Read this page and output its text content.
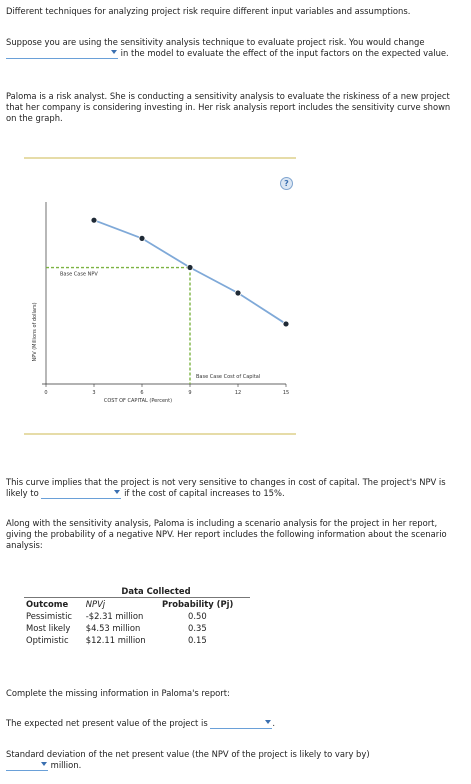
Different techniques for analyzing project risk require different input variables and assumptions.

Suppose you are using the sensitivity analysis technique to evaluate project risk. You would change
in the model to evaluate the effect of the input factors on the expected value.

Paloma is a risk analyst. She is conducting a sensitivity analysis to evaluate the riskiness of a new project that her company is considering investing in. Her risk analysis report includes the sensitivity curve shown on the graph.

?
NPV (Millions of dollars)
0	3	6	9	12	15
COST OF CAPITAL (Percent)
Base Case NPV
Base Case Cost of Capital

This curve implies that the project is not very sensitive to changes in cost of capital. The project's NPV is likely to	if the cost of capital increases to 15%.

Along with the sensitivity analysis, Paloma is including a scenario analysis for the project in her report, giving the probability of a negative NPV. Her report includes the following information about the scenario analysis:

Data Collected		
Outcome	NPVj	Probability (Pj)
Pessimistic	-$2.31 million	0.50
Most likely	$4.53 million	0.35
Optimistic	$12.11 million	0.15

Complete the missing information in Paloma's report:

The expected net present value of the project is	.

Standard deviation of the net present value (the NPV of the project is likely to vary by)

million.
